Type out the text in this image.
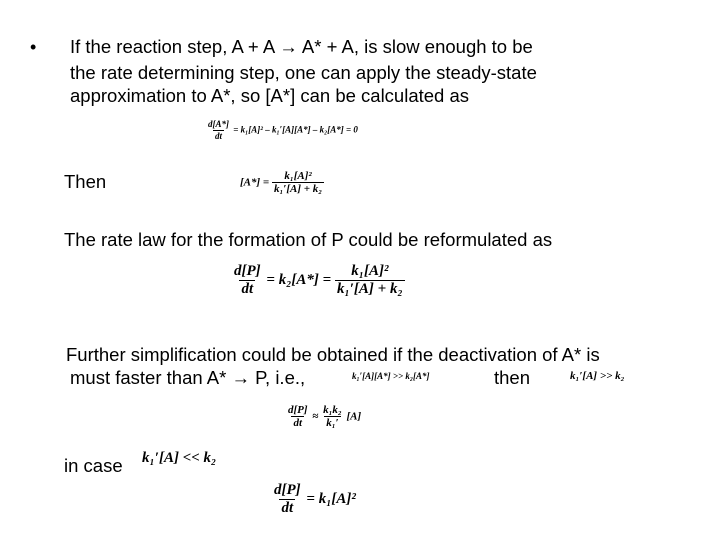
• If the reaction step, A + A → A* + A, is slow enough to be
the rate determining step, one can apply the steady-state
approximation to A*, so [A*] can be calculated as
$\frac{d[A*]}{dt} = k_1[A]^2 - k_1'[A][A*] - k_2[A*] = 0$
Then	$[A*] = \frac{\text{k₁[A]²}}{\text{k₁′[A] + k₂}}$
The rate law for the formation of P could be reformulated as
$\frac{d[P]}{dt} = k_2[A*] = \frac{\text{k₁[A]²}}{\text{k₁′[A] + k₂}}$
Further simplification could be obtained if the deactivation of A* is
must faster than A* → P, i.e.,	k₁′[A][A*] >> k₂[A*]	then	k₁′[A] >> k₂
$\frac{d[P]}{dt} \approx \frac{\text{k₁k₂}}{\text{k₁′}} [A]$
in case k₁′[A] << k₂
$\frac{d[P]}{dt} = k_1[A]^2$
